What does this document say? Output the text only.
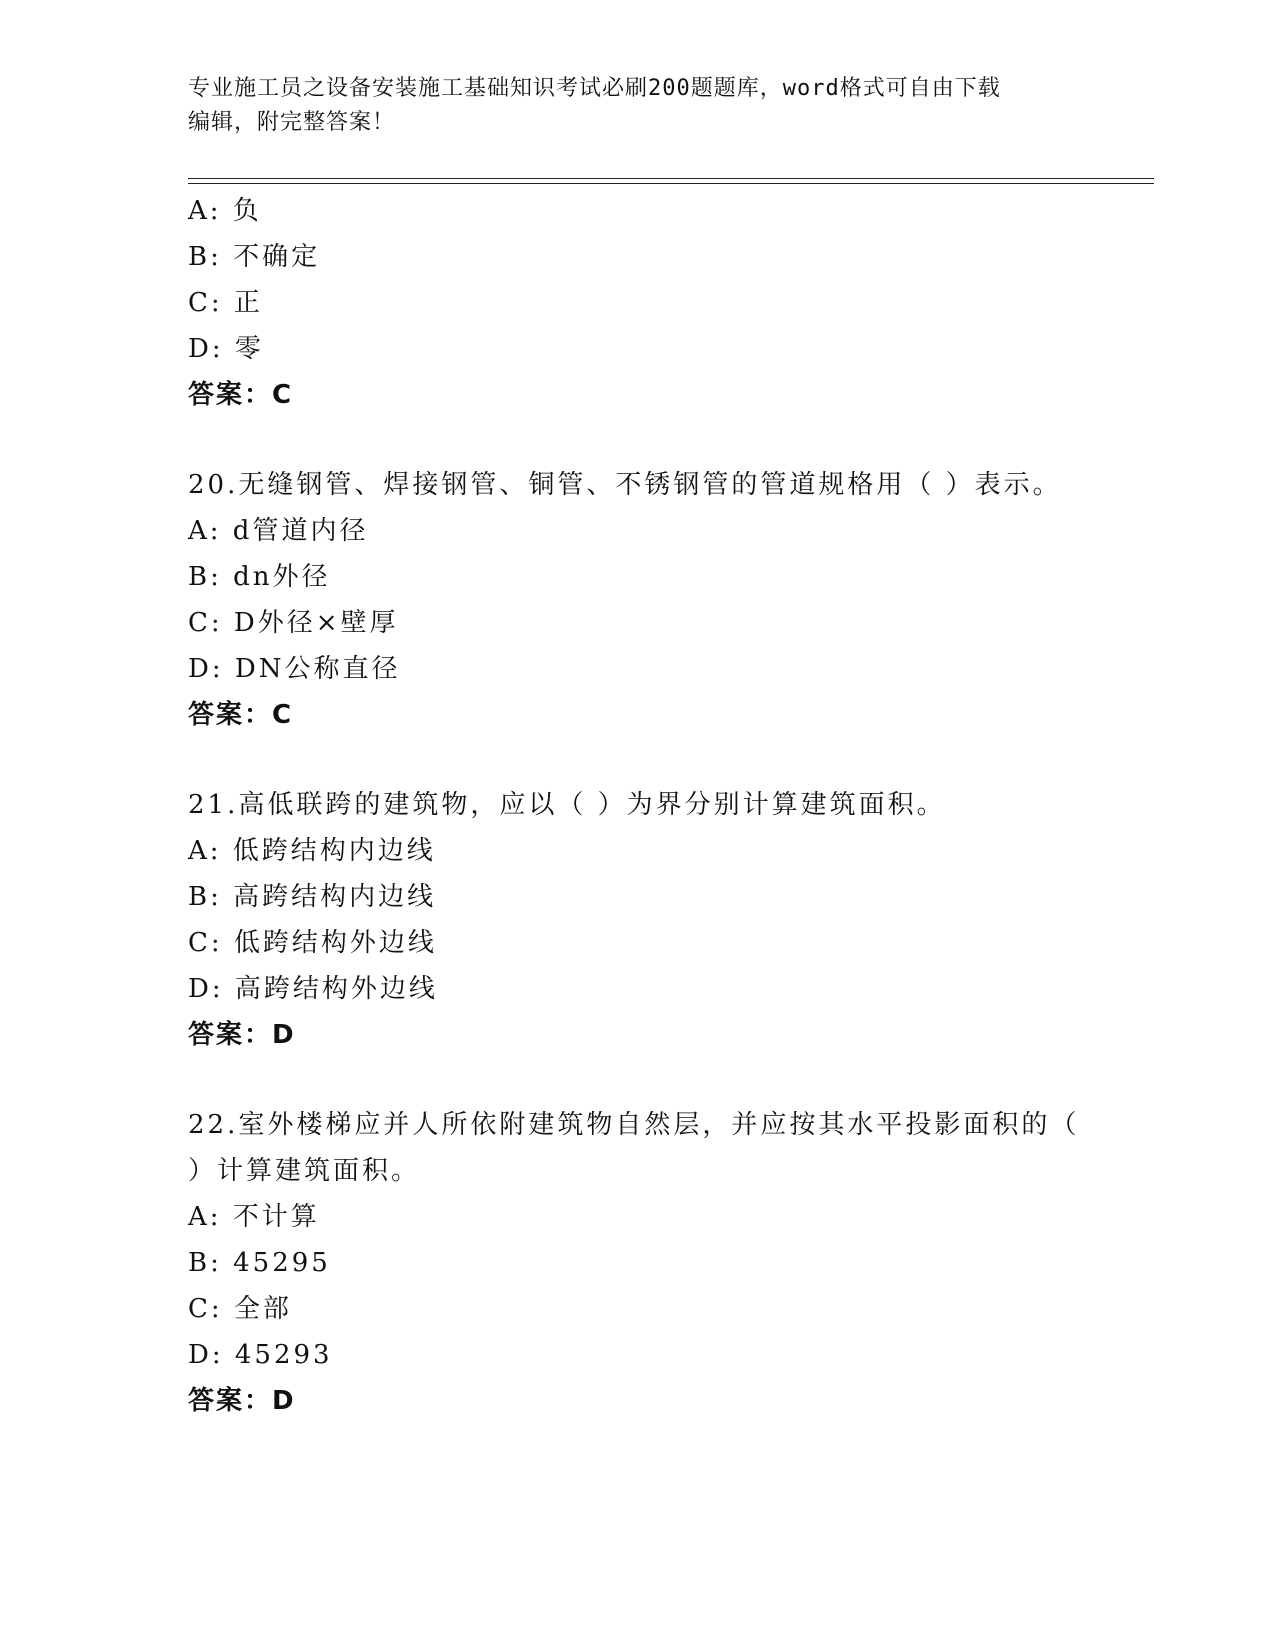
专业施工员之设备安装施工基础知识考试必刷200题题库，word格式可自由下载
编辑，附完整答案！
A: 负
B: 不确定
C: 正
D: 零
答案：C
20.无缝钢管、焊接钢管、铜管、不锈钢管的管道规格用（ ）表示。
A: d管道内径
B: dn外径
C: D外径×壁厚
D: DN公称直径
答案：C
21.高低联跨的建筑物，应以（ ）为界分别计算建筑面积。
A: 低跨结构内边线
B: 高跨结构内边线
C: 低跨结构外边线
D: 高跨结构外边线
答案：D
22.室外楼梯应并人所依附建筑物自然层，并应按其水平投影面积的（
）计算建筑面积。
A: 不计算
B: 45295
C: 全部
D: 45293
答案：D
